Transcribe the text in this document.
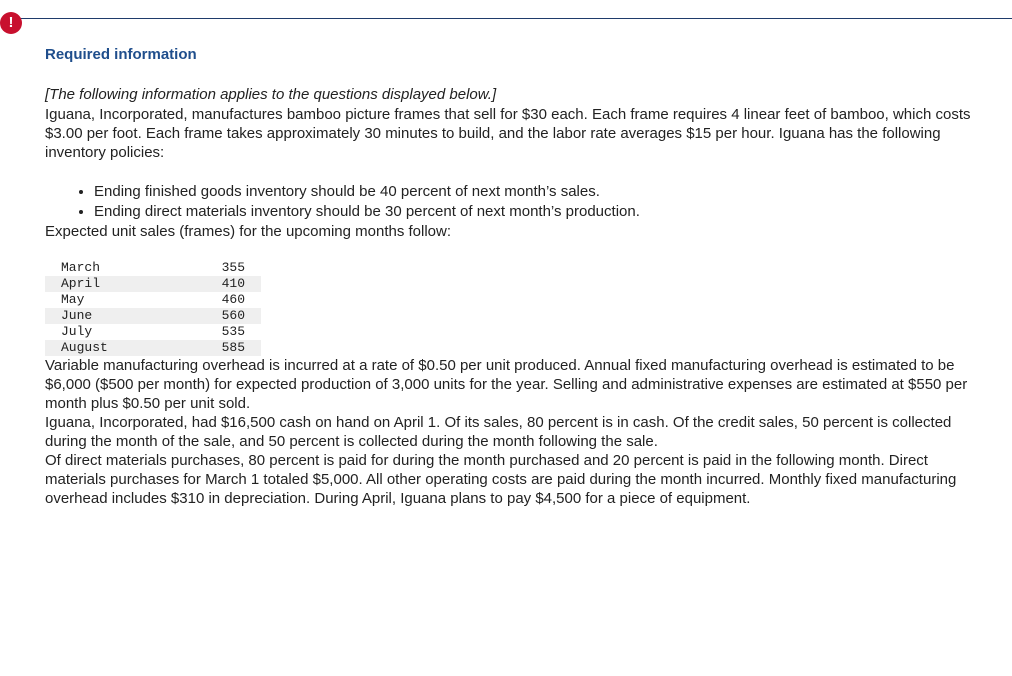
!
Required information

[The following information applies to the questions displayed below.]

Iguana, Incorporated, manufactures bamboo picture frames that sell for $30 each. Each frame requires 4 linear feet of bamboo, which costs $3.00 per foot. Each frame takes approximately 30 minutes to build, and the labor rate averages $15 per hour. Iguana has the following inventory policies:

• Ending finished goods inventory should be 40 percent of next month’s sales.
• Ending direct materials inventory should be 30 percent of next month’s production.

Expected unit sales (frames) for the upcoming months follow:

March	355
April	410
May	460
June	560
July	535
August	585

Variable manufacturing overhead is incurred at a rate of $0.50 per unit produced. Annual fixed manufacturing overhead is estimated to be $6,000 ($500 per month) for expected production of 3,000 units for the year. Selling and administrative expenses are estimated at $550 per month plus $0.50 per unit sold.

Iguana, Incorporated, had $16,500 cash on hand on April 1. Of its sales, 80 percent is in cash. Of the credit sales, 50 percent is collected during the month of the sale, and 50 percent is collected during the month following the sale.

Of direct materials purchases, 80 percent is paid for during the month purchased and 20 percent is paid in the following month. Direct materials purchases for March 1 totaled $5,000. All other operating costs are paid during the month incurred. Monthly fixed manufacturing overhead includes $310 in depreciation. During April, Iguana plans to pay $4,500 for a piece of equipment.
